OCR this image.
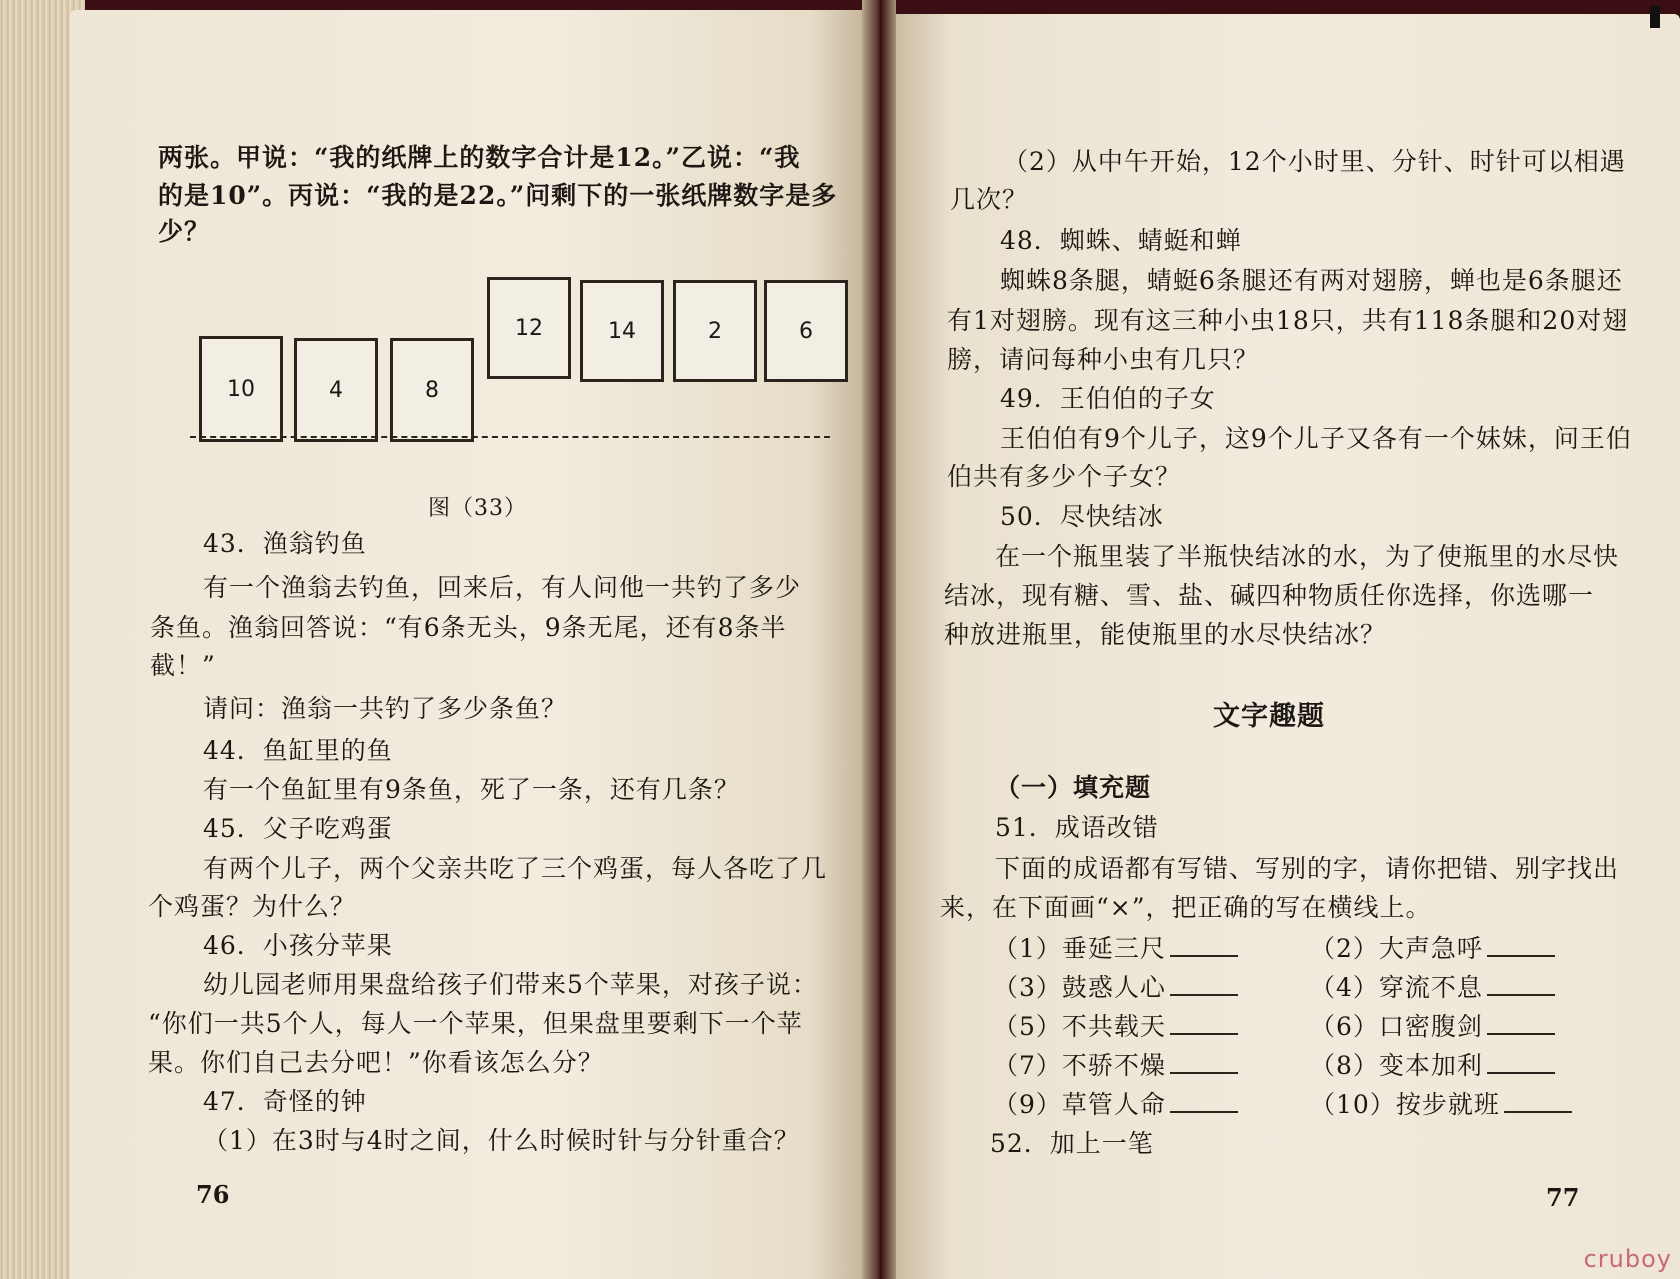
两张。甲说：“我的纸牌上的数字合计是12。”乙说：“我
的是10”。丙说：“我的是22。”问剩下的一张纸牌数字是多
少？
10	4	8
12	14	2	6
图（33）
43．渔翁钓鱼
有一个渔翁去钓鱼，回来后，有人问他一共钓了多少
条鱼。渔翁回答说：“有6条无头，9条无尾，还有8条半
截！”
请问：渔翁一共钓了多少条鱼？
44．鱼缸里的鱼
有一个鱼缸里有9条鱼，死了一条，还有几条？
45．父子吃鸡蛋
有两个儿子，两个父亲共吃了三个鸡蛋，每人各吃了几
个鸡蛋？为什么？
46．小孩分苹果
幼儿园老师用果盘给孩子们带来5个苹果，对孩子说：
“你们一共5个人，每人一个苹果，但果盘里要剩下一个苹
果。你们自己去分吧！”你看该怎么分？
47．奇怪的钟
（1）在3时与4时之间，什么时候时针与分针重合？
76
（2）从中午开始，12个小时里、分针、时针可以相遇
几次？
48．蜘蛛、蜻蜓和蝉
蜘蛛8条腿，蜻蜓6条腿还有两对翅膀，蝉也是6条腿还
有1对翅膀。现有这三种小虫18只，共有118条腿和20对翅
膀，请问每种小虫有几只？
49．王伯伯的子女
王伯伯有9个儿子，这9个儿子又各有一个妹妹，问王伯
伯共有多少个子女？
50．尽快结冰
在一个瓶里装了半瓶快结冰的水，为了使瓶里的水尽快
结冰，现有糖、雪、盐、碱四种物质任你选择，你选哪一
种放进瓶里，能使瓶里的水尽快结冰？
文字趣题
（一）填充题
51．成语改错
下面的成语都有写错、写别的字，请你把错、别字找出
来，在下面画“×”，把正确的写在横线上。
（1）垂延三尺	（2）大声急呼
（3）鼓惑人心	（4）穿流不息
（5）不共载天	（6）口密腹剑
（7）不骄不燥	（8）变本加利
（9）草管人命	（10）按步就班
52．加上一笔
77
cruboy
